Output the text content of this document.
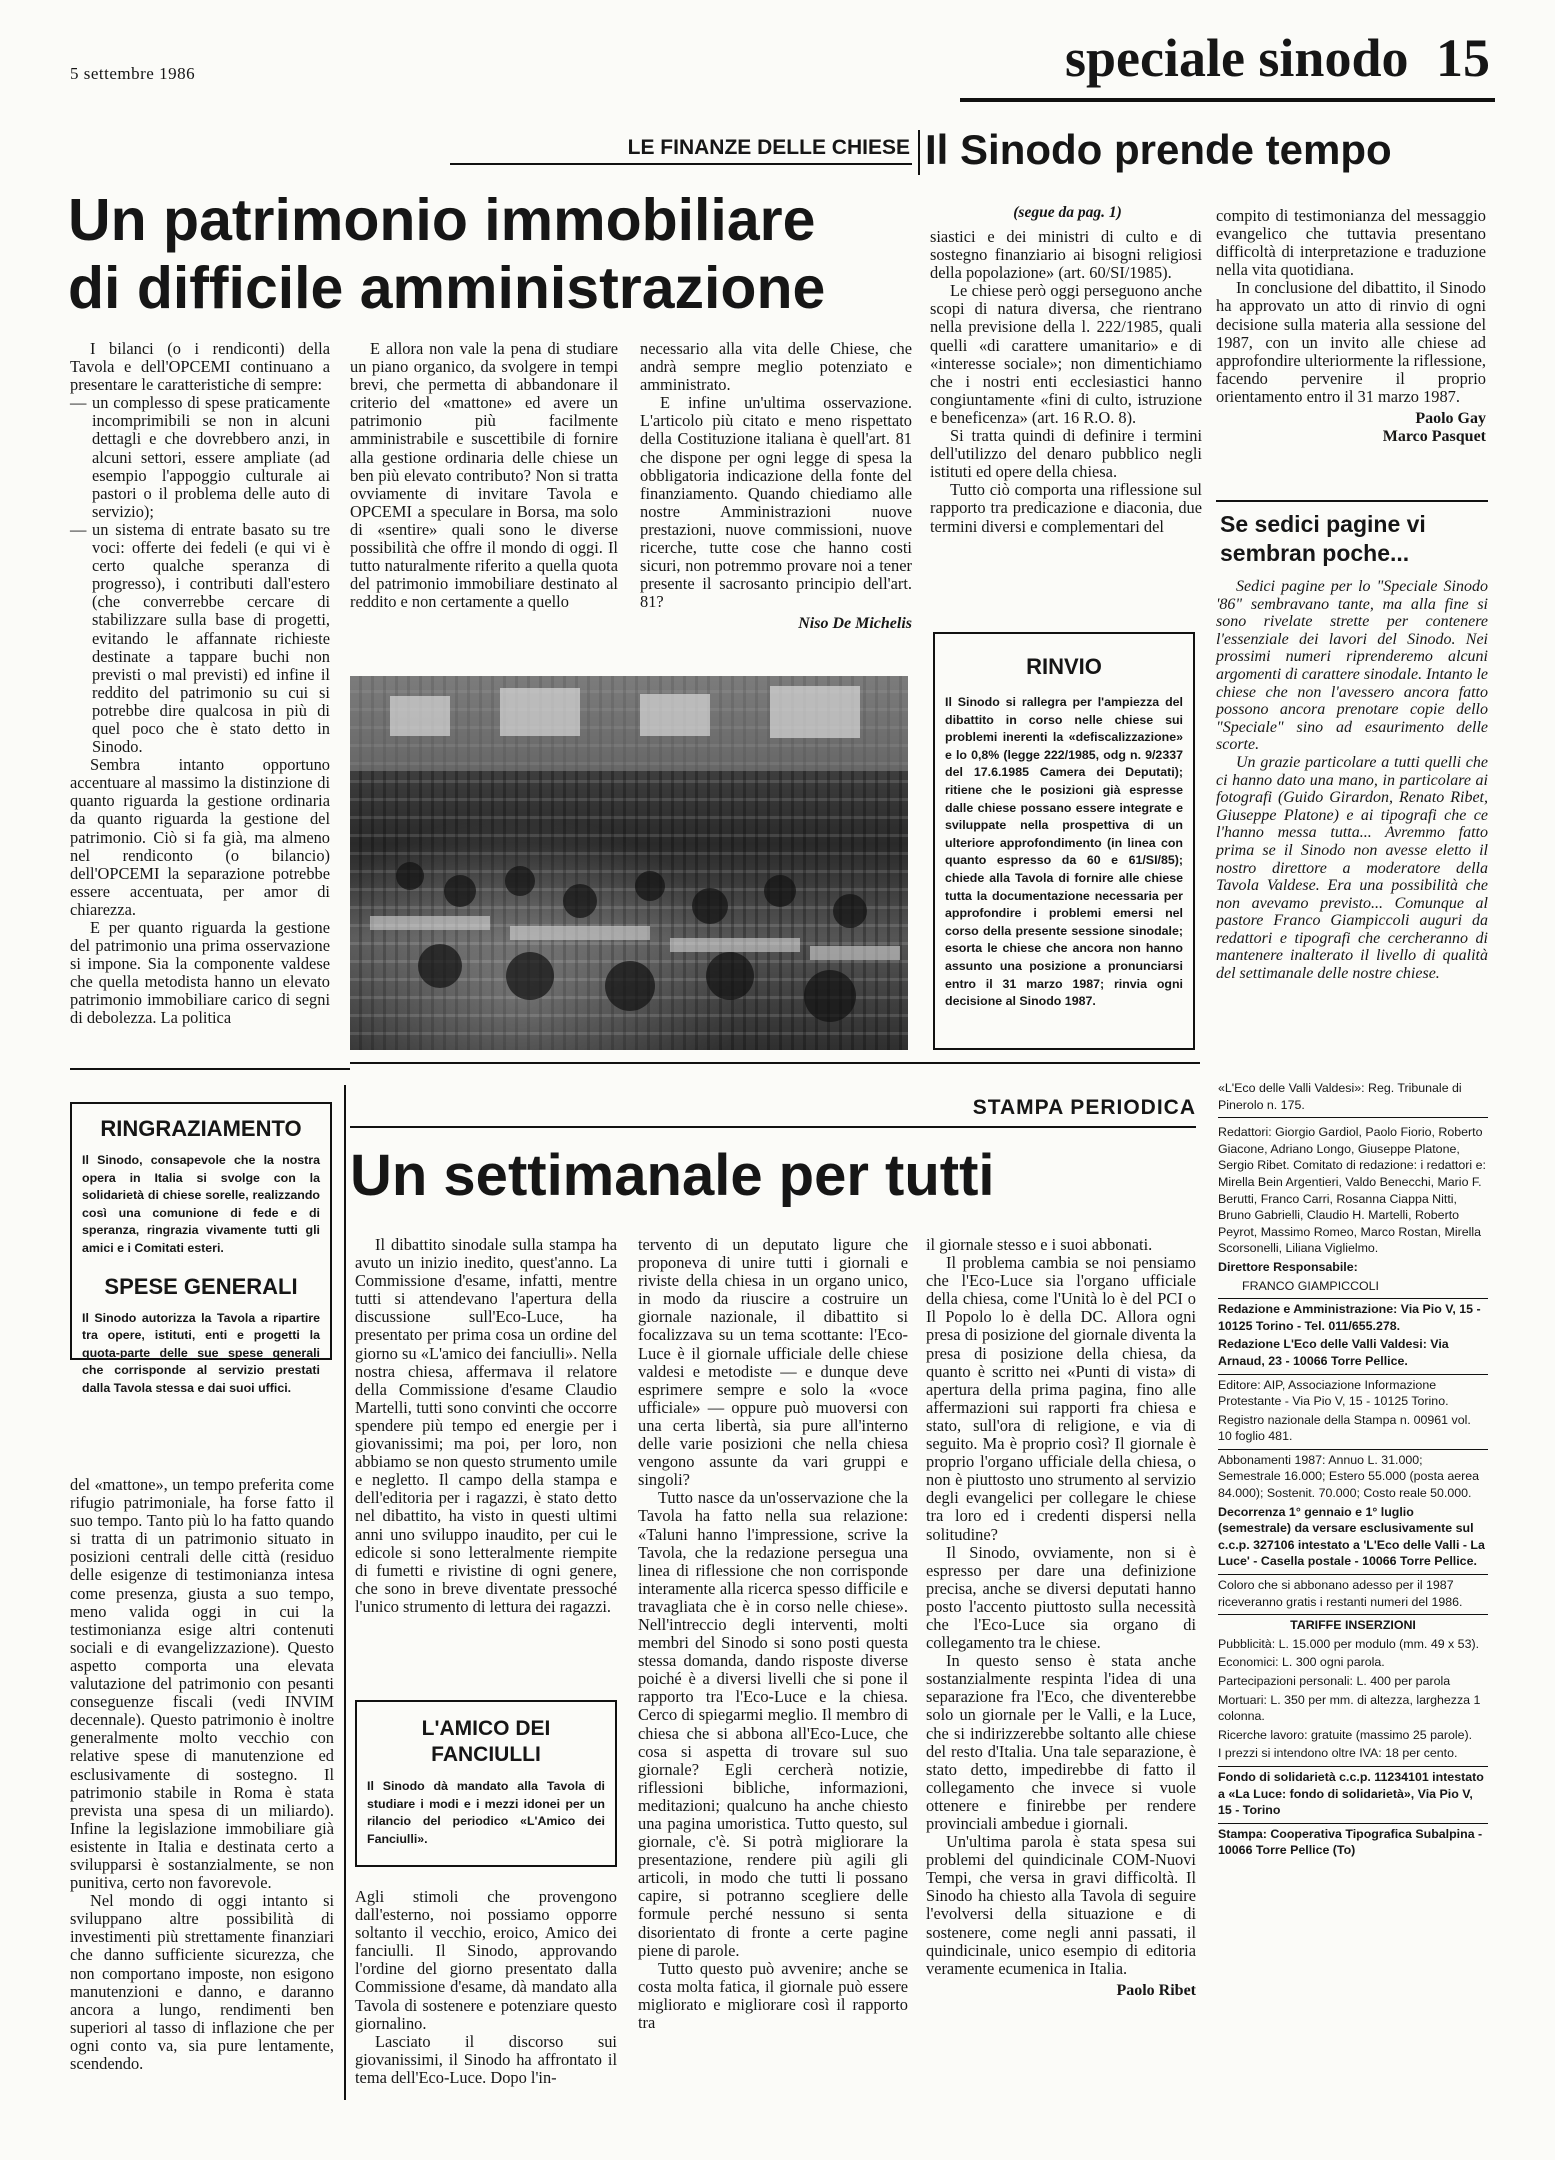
5 settembre 1986	speciale sinodo 15
LE FINANZE DELLE CHIESE Il Sinodo prende tempo
Un patrimonio immobiliare di difficile amministrazione

I bilanci (o i rendiconti) della Tavola e dell'OPCEMI continuano a presentare le caratteristiche di sempre:

— un complesso di spese praticamente incomprimibili se non in alcuni dettagli e che dovrebbero anzi, in alcuni settori, essere ampliate (ad esempio l'appoggio culturale ai pastori o il problema delle auto di servizio);
— un sistema di entrate basato su tre voci: offerte dei fedeli (e qui vi è certo qualche speranza di progresso), i contributi dall'estero (che converrebbe cercare di stabilizzare sulla base di progetti, evitando le affannate richieste destinate a tappare buchi non previsti o mal previsti) ed infine il reddito del patrimonio su cui si potrebbe dire qualcosa in più di quel poco che è stato detto in Sinodo.

Sembra intanto opportuno accentuare al massimo la distinzione di quanto riguarda la gestione ordinaria da quanto riguarda la gestione del patrimonio. Ciò si fa già, ma almeno nel rendiconto (o bilancio) dell'OPCEMI la separazione potrebbe essere accentuata, per amor di chiarezza.

E per quanto riguarda la gestione del patrimonio una prima osservazione si impone. Sia la componente valdese che quella metodista hanno un elevato patrimonio immobiliare carico di segni di debolezza. La politica

E allora non vale la pena di studiare un piano organico, da svolgere in tempi brevi, che permetta di abbandonare il criterio del «mattone» ed avere un patrimonio più facilmente amministrabile e suscettibile di fornire alla gestione ordinaria delle chiese un ben più elevato contributo? Non si tratta ovviamente di invitare Tavola e OPCEMI a speculare in Borsa, ma solo di «sentire» quali sono le diverse possibilità che offre il mondo di oggi. Il tutto naturalmente riferito a quella quota del patrimonio immobiliare destinato al reddito e non certamente a quello

necessario alla vita delle Chiese, che andrà sempre meglio potenziato e amministrato.

E infine un'ultima osservazione. L'articolo più citato e meno rispettato della Costituzione italiana è quell'art. 81 che dispone per ogni legge di spesa la obbligatoria indicazione della fonte del finanziamento. Quando chiediamo alle nostre Amministrazioni nuove prestazioni, nuove commissioni, nuove ricerche, tutte cose che hanno costi sicuri, non potremmo provare noi a tener presente il sacrosanto principio dell'art. 81?

Niso De Michelis
(segue da pag. 1)

siastici e dei ministri di culto e di sostegno finanziario ai bisogni religiosi della popolazione» (art. 60/SI/1985).

Le chiese però oggi perseguono anche scopi di natura diversa, che rientrano nella previsione della l. 222/1985, quali quelli «di carattere umanitario» e di «interesse sociale»; non dimentichiamo che i nostri enti ecclesiastici hanno congiuntamente «fini di culto, istruzione e beneficenza» (art. 16 R.O. 8).

Si tratta quindi di definire i termini dell'utilizzo del denaro pubblico negli istituti ed opere della chiesa.

Tutto ciò comporta una riflessione sul rapporto tra predicazione e diaconia, due termini diversi e complementari del

compito di testimonianza del messaggio evangelico che tuttavia presentano difficoltà di interpretazione e traduzione nella vita quotidiana.

In conclusione del dibattito, il Sinodo ha approvato un atto di rinvio di ogni decisione sulla materia alla sessione del 1987, con un invito alle chiese ad approfondire ulteriormente la riflessione, facendo pervenire il proprio orientamento entro il 31 marzo 1987.

Paolo Gay
Marco Pasquet
RINVIO
Il Sinodo si rallegra per l'ampiezza del dibattito in corso nelle chiese sui problemi inerenti la «defiscalizzazione» e lo 0,8% (legge 222/1985, odg n. 9/2337 del 17.6.1985 Camera dei Deputati); ritiene che le posizioni già espresse dalle chiese possano essere integrate e sviluppate nella prospettiva di un ulteriore approfondimento (in linea con quanto espresso da 60 e 61/SI/85); chiede alla Tavola di fornire alle chiese tutta la documentazione necessaria per approfondire i problemi emersi nel corso della presente sessione sinodale; esorta le chiese che ancora non hanno assunto una posizione a pronunciarsi entro il 31 marzo 1987; rinvia ogni decisione al Sinodo 1987.
Se sedici pagine vi sembran poche...

Sedici pagine per lo "Speciale Sinodo '86" sembravano tante, ma alla fine si sono rivelate strette per contenere l'essenziale dei lavori del Sinodo. Nei prossimi numeri riprenderemo alcuni argomenti di carattere sinodale. Intanto le chiese che non l'avessero ancora fatto possono ancora prenotare copie dello "Speciale" sino ad esaurimento delle scorte.

Un grazie particolare a tutti quelli che ci hanno dato una mano, in particolare ai fotografi (Guido Girardon, Renato Ribet, Giuseppe Platone) e ai tipografi che ce l'hanno messa tutta... Avremmo fatto prima se il Sinodo non avesse eletto il nostro direttore a moderatore della Tavola Valdese. Era una possibilità che non avevamo previsto... Comunque al pastore Franco Giampiccoli auguri da redattori e tipografi che cercheranno di mantenere inalterato il livello di qualità del settimanale delle nostre chiese.

RINGRAZIAMENTO
Il Sinodo, consapevole che la nostra opera in Italia si svolge con la solidarietà di chiese sorelle, realizzando così una comunione di fede e di speranza, ringrazia vivamente tutti gli amici e i Comitati esteri.
SPESE GENERALI
Il Sinodo autorizza la Tavola a ripartire tra opere, istituti, enti e progetti la quota-parte delle sue spese generali che corrisponde al servizio prestati dalla Tavola stessa e dai suoi uffici.

del «mattone», un tempo preferita come rifugio patrimoniale, ha forse fatto il suo tempo. Tanto più lo ha fatto quando si tratta di un patrimonio situato in posizioni centrali delle città (residuo delle esigenze di testimonianza intesa come presenza, giusta a suo tempo, meno valida oggi in cui la testimonianza esige altri contenuti sociali e di evangelizzazione). Questo aspetto comporta una elevata valutazione del patrimonio con pesanti conseguenze fiscali (vedi INVIM decennale). Questo patrimonio è inoltre generalmente molto vecchio con relative spese di manutenzione ed esclusivamente di sostegno. Il patrimonio stabile in Roma è stata prevista una spesa di un miliardo). Infine la legislazione immobiliare già esistente in Italia e destinata certo a svilupparsi è sostanzialmente, se non punitiva, certo non favorevole.

Nel mondo di oggi intanto si sviluppano altre possibilità di investimenti più strettamente finanziari che danno sufficiente sicurezza, che non comportano imposte, non esigono manutenzioni e danno, e daranno ancora a lungo, rendimenti ben superiori al tasso di inflazione che per ogni conto va, sia pure lentamente, scendendo.

STAMPA PERIODICA
Un settimanale per tutti

Il dibattito sinodale sulla stampa ha avuto un inizio inedito, quest'anno. La Commissione d'esame, infatti, mentre tutti si attendevano l'apertura della discussione sull'Eco-Luce, ha presentato per prima cosa un ordine del giorno su «L'amico dei fanciulli». Nella nostra chiesa, affermava il relatore della Commissione d'esame Claudio Martelli, tutti sono convinti che occorre spendere più tempo ed energie per i giovanissimi; ma poi, per loro, non abbiamo se non questo strumento umile e negletto. Il campo della stampa e dell'editoria per i ragazzi, è stato detto nel dibattito, ha visto in questi ultimi anni uno sviluppo inaudito, per cui le edicole si sono letteralmente riempite di fumetti e rivistine di ogni genere, che sono in breve diventate pressoché l'unico strumento di lettura dei ragazzi.

L'AMICO DEI FANCIULLI
Il Sinodo dà mandato alla Tavola di studiare i modi e i mezzi idonei per un rilancio del periodico «L'Amico dei Fanciulli».

Agli stimoli che provengono dall'esterno, noi possiamo opporre soltanto il vecchio, eroico, Amico dei fanciulli. Il Sinodo, approvando l'ordine del giorno presentato dalla Commissione d'esame, dà mandato alla Tavola di sostenere e potenziare questo giornalino.

Lasciato il discorso sui giovanissimi, il Sinodo ha affrontato il tema dell'Eco-Luce. Dopo l'in-

tervento di un deputato ligure che proponeva di unire tutti i giornali e riviste della chiesa in un organo unico, in modo da riuscire a costruire un giornale nazionale, il dibattito si focalizzava su un tema scottante: l'Eco-Luce è il giornale ufficiale delle chiese valdesi e metodiste — e dunque deve esprimere sempre e solo la «voce ufficiale» — oppure può muoversi con una certa libertà, sia pure all'interno delle varie posizioni che nella chiesa vengono assunte da vari gruppi e singoli?

Tutto nasce da un'osservazione che la Tavola ha fatto nella sua relazione: «Taluni hanno l'impressione, scrive la Tavola, che la redazione persegua una linea di riflessione che non corrisponde interamente alla ricerca spesso difficile e travagliata che è in corso nelle chiese». Nell'intreccio degli interventi, molti membri del Sinodo si sono posti questa stessa domanda, dando risposte diverse poiché è a diversi livelli che si pone il rapporto tra l'Eco-Luce e la chiesa. Cerco di spiegarmi meglio. Il membro di chiesa che si abbona all'Eco-Luce, che cosa si aspetta di trovare sul suo giornale? Egli cercherà notizie, riflessioni bibliche, informazioni, meditazioni; qualcuno ha anche chiesto una pagina umoristica. Tutto questo, sul giornale, c'è. Si potrà migliorare la presentazione, rendere più agili gli articoli, in modo che tutti li possano capire, si potranno scegliere delle formule perché nessuno si senta disorientato di fronte a certe pagine piene di parole.

Tutto questo può avvenire; anche se costa molta fatica, il giornale può essere migliorato e migliorare così il rapporto tra

il giornale stesso e i suoi abbonati.

Il problema cambia se noi pensiamo che l'Eco-Luce sia l'organo ufficiale della chiesa, come l'Unità lo è del PCI o Il Popolo lo è della DC. Allora ogni presa di posizione del giornale diventa la presa di posizione della chiesa, da quanto è scritto nei «Punti di vista» di apertura della prima pagina, fino alle affermazioni sui rapporti fra chiesa e stato, sull'ora di religione, e via di seguito. Ma è proprio così? Il giornale è proprio l'organo ufficiale della chiesa, o non è piuttosto uno strumento al servizio degli evangelici per collegare le chiese tra loro ed i credenti dispersi nella solitudine?

Il Sinodo, ovviamente, non si è espresso per dare una definizione precisa, anche se diversi deputati hanno posto l'accento piuttosto sulla necessità che l'Eco-Luce sia organo di collegamento tra le chiese.

In questo senso è stata anche sostanzialmente respinta l'idea di una separazione fra l'Eco, che diventerebbe solo un giornale per le Valli, e la Luce, che si indirizzerebbe soltanto alle chiese del resto d'Italia. Una tale separazione, è stato detto, impedirebbe di fatto il collegamento che invece si vuole ottenere e finirebbe per rendere provinciali ambedue i giornali.

Un'ultima parola è stata spesa sui problemi del quindicinale COM-Nuovi Tempi, che versa in gravi difficoltà. Il Sinodo ha chiesto alla Tavola di seguire l'evolversi della situazione e di sostenere, come negli anni passati, il quindicinale, unico esempio di editoria veramente ecumenica in Italia.

Paolo Ribet

«L'Eco delle Valli Valdesi»: Reg. Tribunale di Pinerolo n. 175.

Redattori: Giorgio Gardiol, Paolo Fiorio, Roberto Giacone, Adriano Longo, Giuseppe Platone, Sergio Ribet. Comitato di redazione: i redattori e: Mirella Bein Argentieri, Valdo Benecchi, Mario F. Berutti, Franco Carri, Rosanna Ciappa Nitti, Bruno Gabrielli, Claudio H. Martelli, Roberto Peyrot, Massimo Romeo, Marco Rostan, Mirella Scorsonelli, Liliana Viglielmo.

Direttore Responsabile:

FRANCO GIAMPICCOLI

Redazione e Amministrazione: Via Pio V, 15 - 10125 Torino - Tel. 011/655.278.

Redazione L'Eco delle Valli Valdesi: Via Arnaud, 23 - 10066 Torre Pellice.

Editore: AIP, Associazione Informazione Protestante - Via Pio V, 15 - 10125 Torino.

Registro nazionale della Stampa n. 00961 vol. 10 foglio 481.

Abbonamenti 1987: Annuo L. 31.000; Semestrale 16.000; Estero 55.000 (posta aerea 84.000); Sostenit. 70.000; Costo reale 50.000.

Decorrenza 1° gennaio e 1° luglio (semestrale) da versare esclusivamente sul c.c.p. 327106 intestato a 'L'Eco delle Valli - La Luce' - Casella postale - 10066 Torre Pellice.

Coloro che si abbonano adesso per il 1987 riceveranno gratis i restanti numeri del 1986.

TARIFFE INSERZIONI

Pubblicità: L. 15.000 per modulo (mm. 49 x 53).

Economici: L. 300 ogni parola.

Partecipazioni personali: L. 400 per parola

Mortuari: L. 350 per mm. di altezza, larghezza 1 colonna.

Ricerche lavoro: gratuite (massimo 25 parole).

I prezzi si intendono oltre IVA: 18 per cento.

Fondo di solidarietà c.c.p. 11234101 intestato a «La Luce: fondo di solidarietà», Via Pio V, 15 - Torino

Stampa: Cooperativa Tipografica Subalpina - 10066 Torre Pellice (To)
